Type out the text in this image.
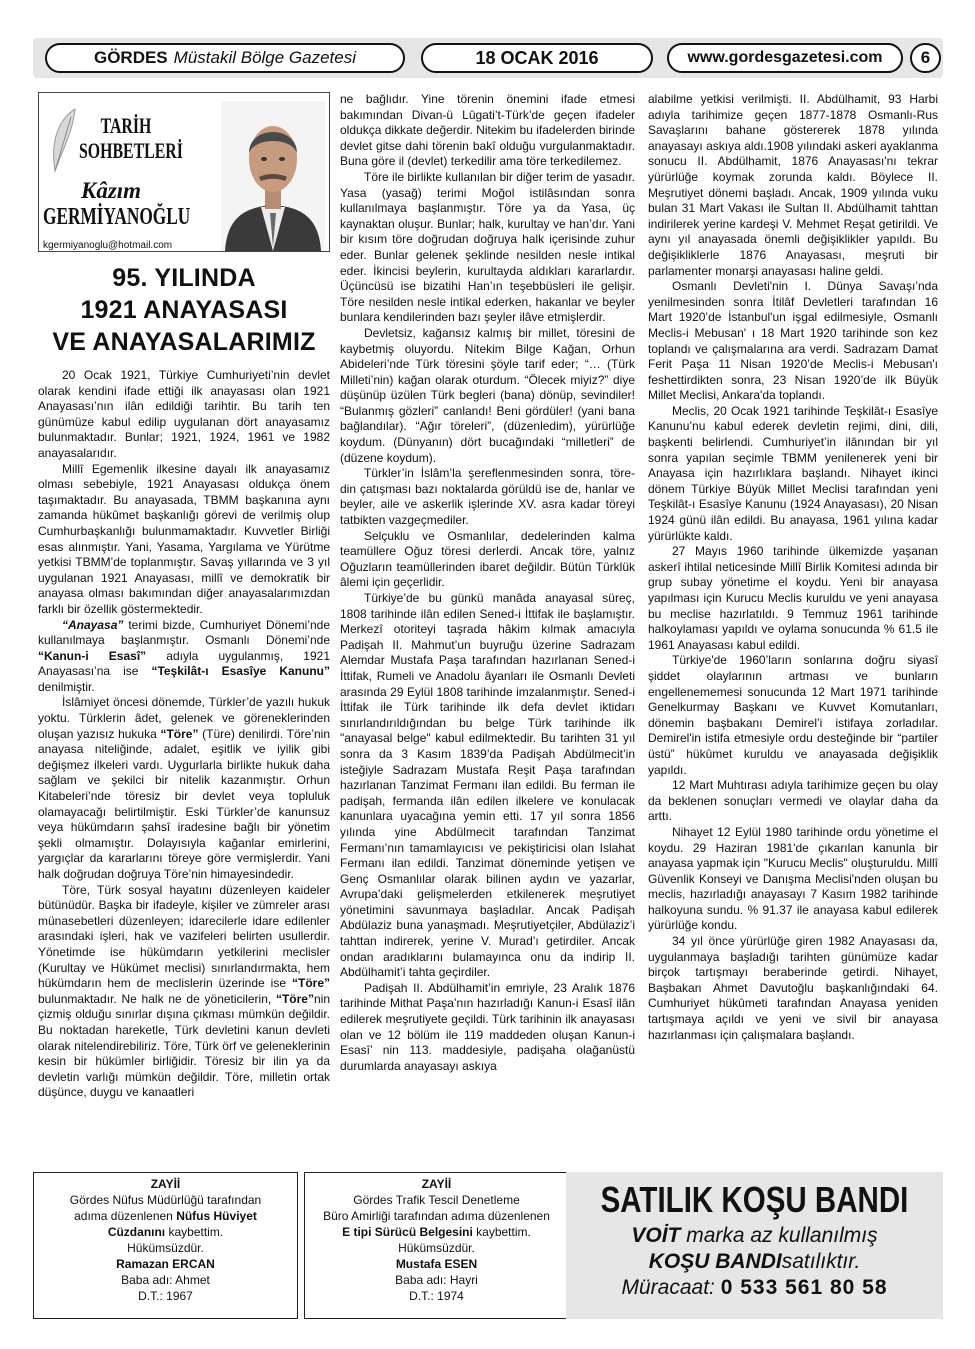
GÖRDES Müstakil Bölge Gazetesi	18 OCAK 2016	www.gordesgazetesi.com	6
TARİH
SOHBETLERİ
Kâzım
GERMİYANOĞLU
kgermiyanoglu@hotmail.com
95. YILINDA
1921 ANAYASASI
VE ANAYASALARIMIZ

20 Ocak 1921, Türkiye Cumhuriyeti’nin devlet olarak kendini ifade ettiği ilk anayasası olan 1921 Anayasası’nın ilân edildiği tarihtir. Bu tarih ten günümüze kabul edilip uygulanan dört anayasamız bulunmaktadır. Bunlar; 1921, 1924, 1961 ve 1982 anayasalarıdır.

Millî Egemenlik ilkesine dayalı ilk anayasamız olması sebebiyle, 1921 Anayasası oldukça önem taşımaktadır. Bu anayasada, TBMM başkanına aynı zamanda hükûmet başkanlığı görevi de verilmiş olup Cumhurbaşkanlığı bulunmamaktadır. Kuvvetler Birliği esas alınmıştır. Yani, Yasama, Yargılama ve Yürütme yetkisi TBMM’de toplanmıştır. Savaş yıllarında ve 3 yıl uygulanan 1921 Anayasası, millî ve demokratik bir anayasa olması bakımından diğer anayasalarımızdan farklı bir özellik göstermektedir.

“Anayasa” terimi bizde, Cumhuriyet Dönemi’nde kullanılmaya başlanmıştır. Osmanlı Dönemi’nde “Kanun-i Esasî” adıyla uygulanmış, 1921 Anayasası’na ise “Teşkilât-ı Esasîye Kanunu” denilmiştir.

İslâmiyet öncesi dönemde, Türkler’de yazılı hukuk yoktu. Türklerin âdet, gelenek ve göreneklerinden oluşan yazısız hukuka “Töre” (Türe) denilirdi. Töre’nin anayasa niteliğinde, adalet, eşitlik ve iyilik gibi değişmez ilkeleri vardı. Uygurlarla birlikte hukuk daha sağlam ve şekilci bir nitelik kazanmıştır. Orhun Kitabeleri’nde töresiz bir devlet veya topluluk olamayacağı belirtilmiştir. Eski Türkler’de kanunsuz veya hükümdarın şahsî iradesine bağlı bir yönetim şekli olmamıştır. Dolayısıyla kağanlar emirlerini, yargıçlar da kararlarını töreye göre vermişlerdir. Yani halk doğrudan doğruya Töre’nin himayesindedir.

Töre, Türk sosyal hayatını düzenleyen kaideler bütünüdür. Başka bir ifadeyle, kişiler ve zümreler arası münasebetleri düzenleyen; idarecilerle idare edilenler arasındaki işleri, hak ve vazifeleri belirten usullerdir. Yönetimde ise hükümdarın yetkilerini meclisler (Kurultay ve Hükümet meclisi) sınırlandırmakta, hem hükümdarın hem de meclislerin üzerinde ise “Töre” bulunmaktadır. Ne halk ne de yöneticilerin, “Töre”nin çizmiş olduğu sınırlar dışına çıkması mümkün değildir. Bu noktadan hareketle, Türk devletini kanun devleti olarak nitelendirebiliriz. Töre, Türk örf ve geleneklerinin kesin bir hükümler birliğidir. Töresiz bir ilin ya da devletin varlığı mümkün değildir. Töre, milletin ortak düşünce, duygu ve kanaatleri

ne bağlıdır. Yine törenin önemini ifade etmesi bakımından Divan-ü Lûgati’t-Türk’de geçen ifadeler oldukça dikkate değerdir. Nitekim bu ifadelerden birinde devlet gitse dahi törenin bakî olduğu vurgulanmaktadır. Buna göre il (devlet) terkedilir ama töre terkedilemez.

Töre ile birlikte kullanılan bir diğer terim de yasadır. Yasa (yasağ) terimi Moğol istilâsından sonra kullanılmaya başlanmıştır. Töre ya da Yasa, üç kaynaktan oluşur. Bunlar; halk, kurultay ve han’dır. Yani bir kısım töre doğrudan doğruya halk içerisinde zuhur eder. Bunlar gelenek şeklinde nesilden nesle intikal eder. İkincisi beylerin, kurultayda aldıkları kararlardır. Üçüncüsü ise bizatihi Han’ın teşebbüsleri ile gelişir. Töre nesilden nesle intikal ederken, hakanlar ve beyler bunlara kendilerinden bazı şeyler ilâve etmişlerdir.

Devletsiz, kağansız kalmış bir millet, töresini de kaybetmiş oluyordu. Nitekim Bilge Kağan, Orhun Abideleri’nde Türk töresini şöyle tarif eder; “… (Türk Milleti’nin) kağan olarak oturdum. “Ölecek miyiz?” diye düşünüp üzülen Türk begleri (bana) dönüp, sevindiler! “Bulanmış gözleri” canlandı! Beni gördüler! (yani bana bağlandılar). “Ağır töreleri”, (düzenledim), yürürlüğe koydum. (Dünyanın) dört bucağındaki “milletleri” de (düzene koydum).

Türkler’in İslâm’la şereflenmesinden sonra, töre-din çatışması bazı noktalarda görüldü ise de, hanlar ve beyler, aile ve askerlik işlerinde XV. asra kadar töreyi tatbikten vazgeçmediler.

Selçuklu ve Osmanlılar, dedelerinden kalma teamüllere Oğuz töresi derlerdi. Ancak töre, yalnız Oğuzların teamüllerinden ibaret değildir. Bütün Türklük âlemi için geçerlidir.

Türkiye’de bu günkü manâda anayasal süreç, 1808 tarihinde ilân edilen Sened-i İttifak ile başlamıştır. Merkezî otoriteyi taşrada hâkim kılmak amacıyla Padişah II. Mahmut’un buyruğu üzerine Sadrazam Alemdar Mustafa Paşa tarafından hazırlanan Sened-i İttifak, Rumeli ve Anadolu âyanları ile Osmanlı Devleti arasında 29 Eylül 1808 tarihinde imzalanmıştır. Sened-i İttifak ile Türk tarihinde ilk defa devlet iktidarı sınırlandırıldığından bu belge Türk tarihinde ilk "anayasal belge" kabul edilmektedir. Bu tarihten 31 yıl sonra da 3 Kasım 1839’da Padişah Abdülmecit’in isteğiyle Sadrazam Mustafa Reşit Paşa tarafından hazırlanan Tanzimat Fermanı ilan edildi. Bu ferman ile padişah, fermanda ilân edilen ilkelere ve konulacak kanunlara uyacağına yemin etti. 17 yıl sonra 1856 yılında yine Abdülmecit tarafından Tanzimat Fermanı’nın tamamlayıcısı ve pekiştiricisi olan Islahat Fermanı ilan edildi. Tanzimat döneminde yetişen ve Genç Osmanlılar olarak bilinen aydın ve yazarlar, Avrupa’daki gelişmelerden etkilenerek meşrutiyet yönetimini savunmaya başladılar. Ancak Padişah Abdülaziz buna yanaşmadı. Meşrutiyetçiler, Abdülaziz’i tahttan indirerek, yerine V. Murad’ı getirdiler. Ancak ondan aradıklarını bulamayınca onu da indirip II. Abdülhamit’i tahta geçirdiler.

Padişah II. Abdülhamit’in emriyle, 23 Aralık 1876 tarihinde Mithat Paşa’nın hazırladığı Kanun-i Esasî ilân edilerek meşrutiyete geçildi. Türk tarihinin ilk anayasası olan ve 12 bölüm ile 119 maddeden oluşan Kanun-i Esasî’ nin 113. maddesiyle, padişaha olağanüstü durumlarda anayasayı askıya

alabilme yetkisi verilmişti. II. Abdülhamit, 93 Harbi adıyla tarihimize geçen 1877-1878 Osmanlı-Rus Savaşlarını bahane göstererek 1878 yılında anayasayı askıya aldı.1908 yılındaki askeri ayaklanma sonucu II. Abdülhamit, 1876 Anayasası'nı tekrar yürürlüğe koymak zorunda kaldı. Böylece II. Meşrutiyet dönemi başladı. Ancak, 1909 yılında vuku bulan 31 Mart Vakası ile Sultan II. Abdülhamit tahttan indirilerek yerine kardeşi V. Mehmet Reşat getirildi. Ve aynı yıl anayasada önemli değişiklikler yapıldı. Bu değişikliklerle 1876 Anayasası, meşruti bir parlamenter monarşi anayasası haline geldi.

Osmanlı Devleti'nin I. Dünya Savaşı’nda yenilmesinden sonra İtilâf Devletleri tarafından 16 Mart 1920’de İstanbul'un işgal edilmesiyle, Osmanlı Meclis-i Mebusan' ı 18 Mart 1920 tarihinde son kez toplandı ve çalışmalarına ara verdi. Sadrazam Damat Ferit Paşa 11 Nisan 1920’de Meclis-i Mebusan'ı feshettirdikten sonra, 23 Nisan 1920’de ilk Büyük Millet Meclisi, Ankara'da toplandı.

Meclis, 20 Ocak 1921 tarihinde Teşkilât-ı Esasîye Kanunu’nu kabul ederek devletin rejimi, dini, dili, başkenti belirlendi. Cumhuriyet’in ilânından bir yıl sonra yapılan seçimle TBMM yenilenerek yeni bir Anayasa için hazırlıklara başlandı. Nihayet ikinci dönem Türkiye Büyük Millet Meclisi tarafından yeni Teşkilât-ı Esasîye Kanunu (1924 Anayasası), 20 Nisan 1924 günü ilân edildi. Bu anayasa, 1961 yılına kadar yürürlükte kaldı.

27 Mayıs 1960 tarihinde ülkemizde yaşanan askerî ihtilal neticesinde Millî Birlik Komitesi adında bir grup subay yönetime el koydu. Yeni bir anayasa yapılması için Kurucu Meclis kuruldu ve yeni anayasa bu meclise hazırlatıldı. 9 Temmuz 1961 tarihinde halkoylaması yapıldı ve oylama sonucunda % 61.5 ile 1961 Anayasası kabul edildi.

Türkiye'de 1960’ların sonlarına doğru siyasî şiddet olaylarının artması ve bunların engellenememesi sonucunda 12 Mart 1971 tarihinde Genelkurmay Başkanı ve Kuvvet Komutanları, dönemin başbakanı Demirel’i istifaya zorladılar. Demirel'in istifa etmesiyle ordu desteğinde bir “partiler üstü” hükûmet kuruldu ve anayasada değişiklik yapıldı.

12 Mart Muhtırası adıyla tarihimize geçen bu olay da beklenen sonuçları vermedi ve olaylar daha da arttı.

Nihayet 12 Eylül 1980 tarihinde ordu yönetime el koydu. 29 Haziran 1981'de çıkarılan kanunla bir anayasa yapmak için "Kurucu Meclis" oluşturuldu. Millî Güvenlik Konseyi ve Danışma Meclisi'nden oluşan bu meclis, hazırladığı anayasayı 7 Kasım 1982 tarihinde halkoyuna sundu. % 91.37 ile anayasa kabul edilerek yürürlüğe kondu.

34 yıl önce yürürlüğe giren 1982 Anayasası da, uygulanmaya başladığı tarihten günümüze kadar birçok tartışmayı beraberinde getirdi. Nihayet, Başbakan Ahmet Davutoğlu başkanlığındaki 64. Cumhuriyet hükûmeti tarafından Anayasa yeniden tartışmaya açıldı ve yeni ve sivil bir anayasa hazırlanması için çalışmalara başlandı.

ZAYİİ
Gördes Nüfus Müdürlüğü tarafından
adıma düzenlenen Nüfus Hüviyet
Cüzdanını kaybettim.
Hükümsüzdür.
Ramazan ERCAN
Baba adı: Ahmet
D.T.: 1967
ZAYİİ
Gördes Trafik Tescil Denetleme
Büro Amirliği tarafından adıma düzenlenen
E tipi Sürücü Belgesini kaybettim.
Hükümsüzdür.
Mustafa ESEN
Baba adı: Hayri
D.T.: 1974
SATILIK KOŞU BANDI
VOİT marka az kullanılmış
KOŞU BANDIsatılıktır.
Müracaat: 0 533 561 80 58
